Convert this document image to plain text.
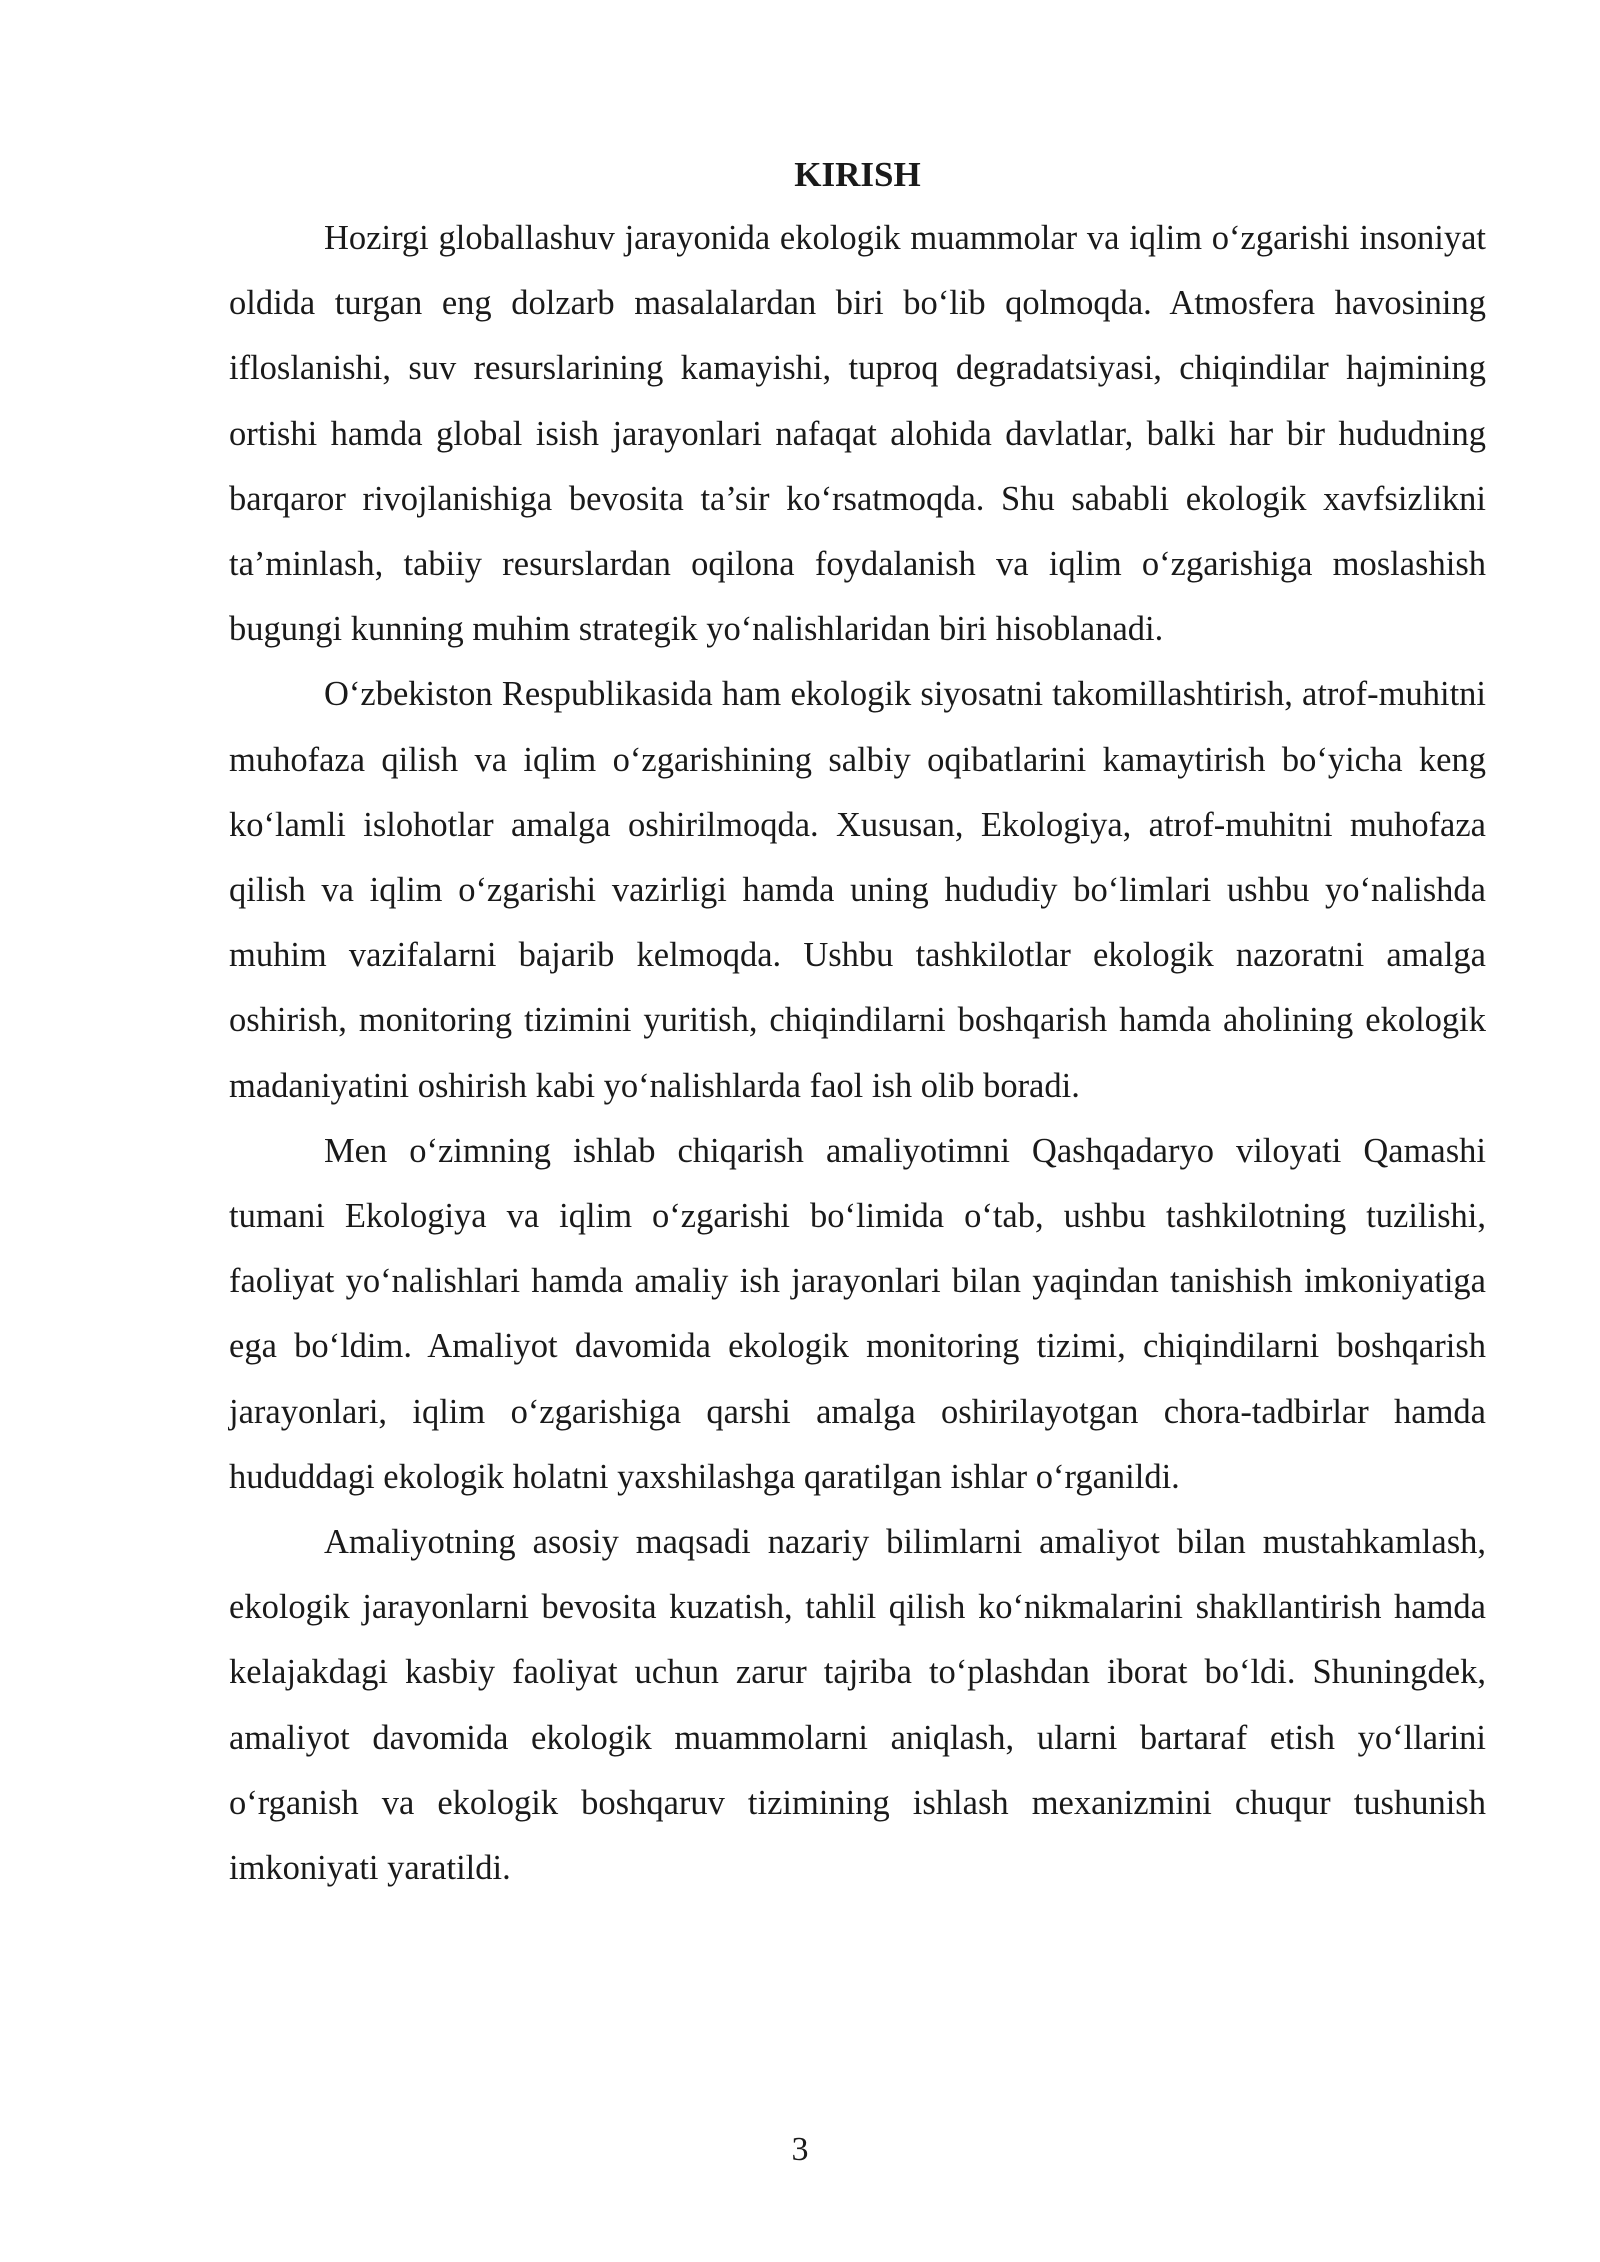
KIRISH

Hozirgi globallashuv jarayonida ekologik muammolar va iqlim o‘zgarishi insoniyat oldida turgan eng dolzarb masalalardan biri bo‘lib qolmoqda. Atmosfera havosining ifloslanishi, suv resurslarining kamayishi, tuproq degradatsiyasi, chiqindilar hajmining ortishi hamda global isish jarayonlari nafaqat alohida davlatlar, balki har bir hududning barqaror rivojlanishiga bevosita ta’sir ko‘rsatmoqda. Shu sababli ekologik xavfsizlikni ta’minlash, tabiiy resurslardan oqilona foydalanish va iqlim o‘zgarishiga moslashish bugungi kunning muhim strategik yo‘nalishlaridan biri hisoblanadi.

O‘zbekiston Respublikasida ham ekologik siyosatni takomillashtirish, atrof-muhitni muhofaza qilish va iqlim o‘zgarishining salbiy oqibatlarini kamaytirish bo‘yicha keng ko‘lamli islohotlar amalga oshirilmoqda. Xususan, Ekologiya, atrof-muhitni muhofaza qilish va iqlim o‘zgarishi vazirligi hamda uning hududiy bo‘limlari ushbu yo‘nalishda muhim vazifalarni bajarib kelmoqda. Ushbu tashkilotlar ekologik nazoratni amalga oshirish, monitoring tizimini yuritish, chiqindilarni boshqarish hamda aholining ekologik madaniyatini oshirish kabi yo‘nalishlarda faol ish olib boradi.

Men o‘zimning ishlab chiqarish amaliyotimni Qashqadaryo viloyati Qamashi tumani Ekologiya va iqlim o‘zgarishi bo‘limida o‘tab, ushbu tashkilotning tuzilishi, faoliyat yo‘nalishlari hamda amaliy ish jarayonlari bilan yaqindan tanishish imkoniyatiga ega bo‘ldim. Amaliyot davomida ekologik monitoring tizimi, chiqindilarni boshqarish jarayonlari, iqlim o‘zgarishiga qarshi amalga oshirilayotgan chora-tadbirlar hamda hududdagi ekologik holatni yaxshilashga qaratilgan ishlar o‘rganildi.

Amaliyotning asosiy maqsadi nazariy bilimlarni amaliyot bilan mustahkamlash, ekologik jarayonlarni bevosita kuzatish, tahlil qilish ko‘nikmalarini shakllantirish hamda kelajakdagi kasbiy faoliyat uchun zarur tajriba to‘plashdan iborat bo‘ldi. Shuningdek, amaliyot davomida ekologik muammolarni aniqlash, ularni bartaraf etish yo‘llarini o‘rganish va ekologik boshqaruv tizimining ishlash mexanizmini chuqur tushunish imkoniyati yaratildi.

3
